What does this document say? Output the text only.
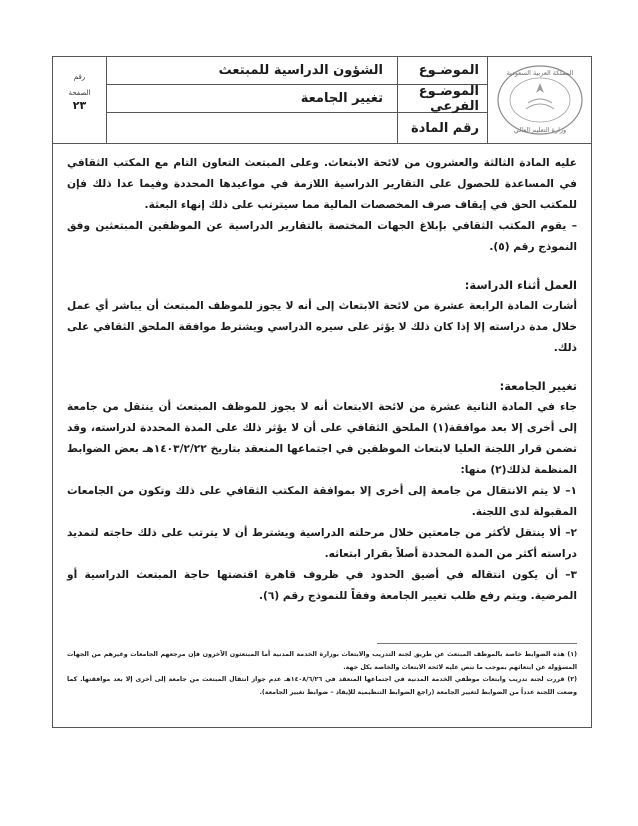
المملكة العربية السعودية
وزارة التعليم العالي
الموضـوع
الموضـوع الفرعي
رقم المادة
الشؤون الدراسية للمبتعث
تغيير الجامعة
رقم
الصفحة
٢٣

عليه المادة الثالثة والعشرون من لائحة الابتعاث. وعلى المبتعث التعاون التام مع المكتب الثقافي في المساعدة للحصول على التقارير الدراسية اللازمة في مواعيدها المحددة وفيما عدا ذلك فإن للمكتب الحق في إيقاف صرف المخصصات المالية مما سيترتب على ذلك إنهاء البعثة.

– يقوم المكتب الثقافي بإبلاغ الجهات المختصة بالتقارير الدراسية عن الموظفين المبتعثين وفق النموذج رقم (٥).

العمل أثناء الدراسة:

أشارت المادة الرابعة عشرة من لائحة الابتعاث إلى أنه لا يجوز للموظف المبتعث أن يباشر أي عمل خلال مدة دراسته إلا إذا كان ذلك لا يؤثر على سيره الدراسي ويشترط موافقة الملحق الثقافي على ذلك.

تغيير الجامعة:

جاء في المادة الثانية عشرة من لائحة الابتعاث أنه لا يجوز للموظف المبتعث أن ينتقل من جامعة إلى أخرى إلا بعد موافقة(١) الملحق الثقافي على أن لا يؤثر ذلك على المدة المحددة لدراسته، وقد تضمن قرار اللجنة العليا لابتعاث الموظفين في اجتماعها المنعقد بتاريخ ١٤٠٣/٢/٢٢هـ بعض الضوابط المنظمة لذلك(٢) منها:

١– لا يتم الانتقال من جامعة إلى أخرى إلا بموافقة المكتب الثقافي على ذلك وتكون من الجامعات المقبولة لدى اللجنة.

٢– ألا ينتقل لأكثر من جامعتين خلال مرحلته الدراسية ويشترط أن لا يترتب على ذلك حاجته لتمديد دراسته أكثر من المدة المحددة أصلاً بقرار ابتعاثه.

٣– أن يكون انتقاله في أضيق الحدود في ظروف قاهرة اقتضتها حاجة المبتعث الدراسية أو المرضية. ويتم رفع طلب تغيير الجامعة وفقاً للنموذج رقم (٦).

(١) هذه الضوابط خاصة بالموظف المبتعث عن طريق لجنة التدريب والابتعاث بوزارة الخدمة المدنية أما المبتعثون الآخرون فإن مرجعهم الجامعات وغيرهم من الجهات المسؤولة عن ابتعاثهم بموجب ما تنص عليه لائحة الابتعاث والخاصة بكل جهة.

(٢) قررت لجنة تدريب وابتعاث موظفي الخدمة المدنية في اجتماعها المنعقد في ١٤٠٨/٦/٢٦هـ عدم جواز انتقال المبتعث من جامعة إلى أخرى إلا بعد موافقتها. كما وضعت اللجنة عدداً من الضوابط لتغيير الجامعة (راجع الضوابط التنظيمية للإيفاد – ضوابط تغيير الجامعة).
